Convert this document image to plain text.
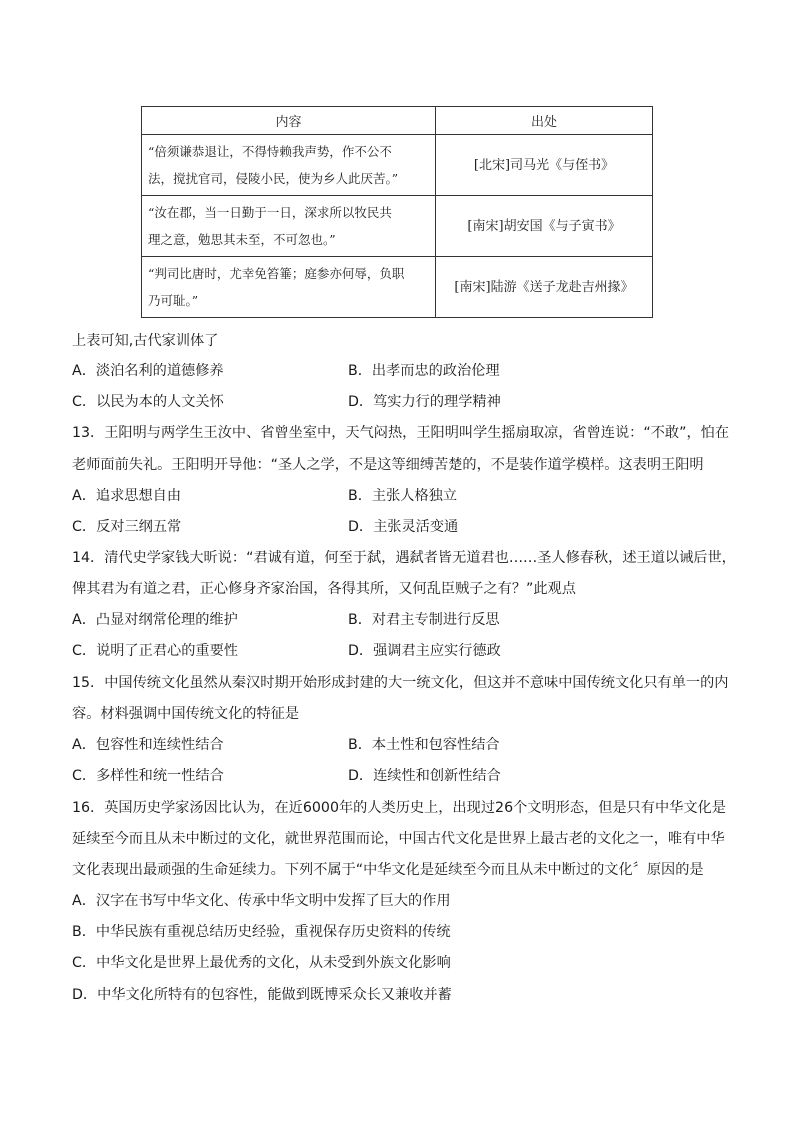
内容	出处

“倍须谦恭退让，不得恃赖我声势，作不公不
法，搅扰官司，侵陵小民，使为乡人此厌苦。”	[北宋]司马光《与侄书》

“汝在郡，当一日勤于一日，深求所以牧民共
理之意，勉思其未至，不可忽也。”	[南宋]胡安国《与子寅书》

“判司比唐时，尤幸免笞箠；庭参亦何辱，负职
乃可耻。”	[南宋]陆游《送子龙赴吉州掾》
上表可知,古代家训体了
A．淡泊名利的道德修养	B．出孝而忠的政治伦理
C．以民为本的人文关怀	D．笃实力行的理学精神
13．王阳明与两学生王汝中、省曾坐室中，天气闷热，王阳明叫学生摇扇取凉，省曾连说：“不敢”，怕在
老师面前失礼。王阳明开导他：“圣人之学，不是这等细缚苦楚的，不是装作道学模样。这表明王阳明
A．追求思想自由	B．主张人格独立
C．反对三纲五常	D．主张灵活变通
14．清代史学家钱大昕说：“君诚有道，何至于弑，遇弑者皆无道君也……圣人修春秋，述王道以诫后世，
俾其君为有道之君，正心修身齐家治国，各得其所，又何乱臣贼子之有？”此观点
A．凸显对纲常伦理的维护	B．对君主专制进行反思
C．说明了正君心的重要性	D．强调君主应实行德政
15．中国传统文化虽然从秦汉时期开始形成封建的大一统文化，但这并不意味中国传统文化只有单一的内
容。材料强调中国传统文化的特征是
A．包容性和连续性结合	B．本土性和包容性结合
C．多样性和统一性结合	D．连续性和创新性结合
16．英国历史学家汤因比认为，在近6000年的人类历史上，出现过26个文明形态，但是只有中华文化是
延续至今而且从未中断过的文化，就世界范围而论，中国古代文化是世界上最古老的文化之一，唯有中华
文化表现出最顽强的生命延续力。下列不属于“中华文化是延续至今而且从未中断过的文化〞原因的是
A．汉字在书写中华文化、传承中华文明中发挥了巨大的作用
B．中华民族有重视总结历史经验，重视保存历史资料的传统
C．中华文化是世界上最优秀的文化，从未受到外族文化影响
D．中华文化所特有的包容性，能做到既博采众长又兼收并蓄
